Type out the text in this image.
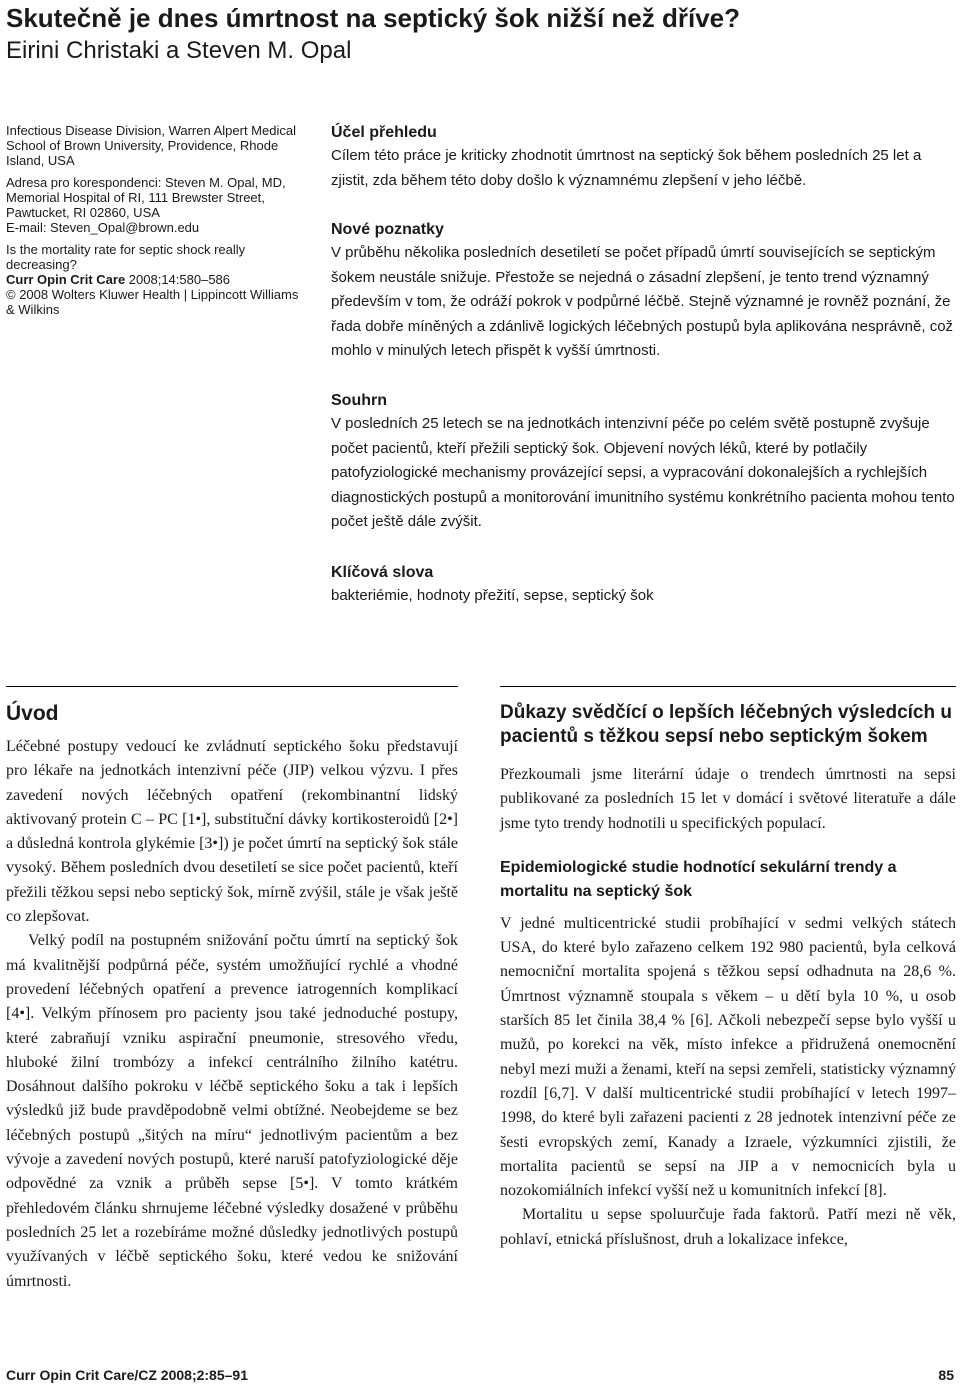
Skutečně je dnes úmrtnost na septický šok nižší než dříve?
Eirini Christaki a Steven M. Opal

Infectious Disease Division, Warren Alpert Medical School of Brown University, Providence, Rhode Island, USA

Adresa pro korespondenci: Steven M. Opal, MD, Memorial Hospital of RI, 111 Brewster Street, Pawtucket, RI 02860, USA

E-mail: Steven_Opal@brown.edu

Is the mortality rate for septic shock really decreasing?

Curr Opin Crit Care 2008;14:580–586

© 2008 Wolters Kluwer Health | Lippincott Williams & Wilkins

Účel přehledu

Cílem této práce je kriticky zhodnotit úmrtnost na septický šok během posledních 25 let a zjistit, zda během této doby došlo k významnému zlepšení v jeho léčbě.

Nové poznatky

V průběhu několika posledních desetiletí se počet případů úmrtí souvisejících se septickým šokem neustále snižuje. Přestože se nejedná o zásadní zlepšení, je tento trend významný především v tom, že odráží pokrok v podpůrné léčbě. Stejně významné je rovněž poznání, že řada dobře míněných a zdánlivě logických léčebných postupů byla aplikována nesprávně, což mohlo v minulých letech přispět k vyšší úmrtnosti.

Souhrn

V posledních 25 letech se na jednotkách intenzivní péče po celém světě postupně zvyšuje počet pacientů, kteří přežili septický šok. Objevení nových léků, které by potlačily patofyziologické mechanismy provázející sepsi, a vypracování dokonalejších a rychlejších diagnostických postupů a monitorování imunitního systému konkrétního pacienta mohou tento počet ještě dále zvýšit.

Klíčová slova

bakteriémie, hodnoty přežití, sepse, septický šok

Úvod

Léčebné postupy vedoucí ke zvládnutí septického šoku představují pro lékaře na jednotkách intenzivní péče (JIP) velkou výzvu. I přes zavedení nových léčebných opatření (rekombinantní lidský aktivovaný protein C – PC [1•], substituční dávky kortikosteroidů [2•] a důsledná kontrola glykémie [3•]) je počet úmrtí na septický šok stále vysoký. Během posledních dvou desetiletí se sice počet pacientů, kteří přežili těžkou sepsi nebo septický šok, mírně zvýšil, stále je však ještě co zlepšovat.

Velký podíl na postupném snižování počtu úmrtí na septický šok má kvalitnější podpůrná péče, systém umožňující rychlé a vhodné provedení léčebných opatření a prevence iatrogenních komplikací [4•]. Velkým přínosem pro pacienty jsou také jednoduché postupy, které zabraňují vzniku aspirační pneumonie, stresového vředu, hluboké žilní trombózy a infekcí centrálního žilního katétru. Dosáhnout dalšího pokroku v léčbě septického šoku a tak i lepších výsledků již bude pravděpodobně velmi obtížné. Neobejdeme se bez léčebných postupů „šitých na míru“ jednotlivým pacientům a bez vývoje a zavedení nových postupů, které naruší patofyziologické děje odpovědné za vznik a průběh sepse [5•]. V tomto krátkém přehledovém článku shrnujeme léčebné výsledky dosažené v průběhu posledních 25 let a rozebíráme možné důsledky jednotlivých postupů využívaných v léčbě septického šoku, které vedou ke snižování úmrtnosti.

Důkazy svědčící o lepších léčebných výsledcích u pacientů s těžkou sepsí nebo septickým šokem

Přezkoumali jsme literární údaje o trendech úmrtnosti na sepsi publikované za posledních 15 let v domácí i světové literatuře a dále jsme tyto trendy hodnotili u specifických populací.

Epidemiologické studie hodnotící sekulární trendy a mortalitu na septický šok

V jedné multicentrické studii probíhající v sedmi velkých státech USA, do které bylo zařazeno celkem 192 980 pacientů, byla celková nemocniční mortalita spojená s těžkou sepsí odhadnuta na 28,6 %. Úmrtnost významně stoupala s věkem – u dětí byla 10 %, u osob starších 85 let činila 38,4 % [6]. Ačkoli nebezpečí sepse bylo vyšší u mužů, po korekci na věk, místo infekce a přidružená onemocnění nebyl mezi muži a ženami, kteří na sepsi zemřeli, statisticky významný rozdíl [6,7]. V další multicentrické studii probíhající v letech 1997–1998, do které byli zařazeni pacienti z 28 jednotek intenzivní péče ze šesti evropských zemí, Kanady a Izraele, výzkumníci zjistili, že mortalita pacientů se sepsí na JIP a v nemocnicích byla u nozokomiálních infekcí vyšší než u komunitních infekcí [8].

Mortalitu u sepse spoluurčuje řada faktorů. Patří mezi ně věk, pohlaví, etnická příslušnost, druh a lokalizace infekce,

Curr Opin Crit Care/CZ 2008;2:85–91	85
